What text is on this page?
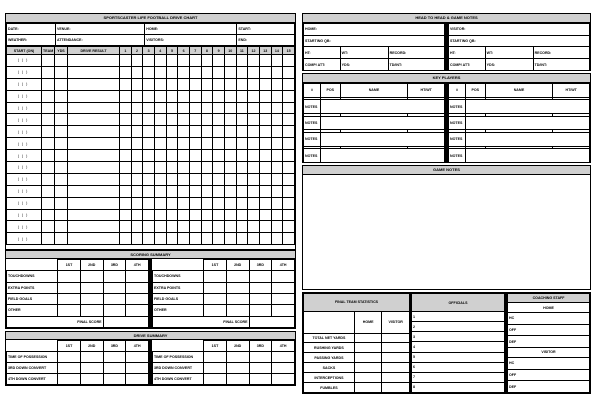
SPORTSCASTER LIFE FOOTBALL DRIVE CHART
DATE:	VENUE:	HOME:	START:
WEATHER:	ATTENDANCE:	VISITORS:	END:
START (ON)	TEAM	YDS	DRIVE RESULT	1	2	3	4	5	6	7	8	9	10	11	12	13	14	15
(()																		
(()																		
(()																		
(()																		
(()																		
(()																		
(()																		
(()																		
(()																		
(()																		
(()																		
(()																		
(()																		
(()																		
(()																		
(()																		
SCORING SUMMARY
	1ST	2ND	3RD	4TH
TOUCHDOWNS				
EXTRA POINTS				
FIELD GOALS				
OTHER				
FINAL SCORE				
	1ST	2ND	3RD	4TH
TOUCHDOWNS				
EXTRA POINTS				
FIELD GOALS				
OTHER				
FINAL SCORE				
DRIVE SUMMARY
	1ST	2ND	3RD	4TH
TIME OF POSSESSION				
3RD DOWN CONVERT				
4TH DOWN CONVERT				
	1ST	2ND	3RD	4TH
TIME OF POSSESSION				
3RD DOWN CONVERT				
4TH DOWN CONVERT				
HEAD TO HEAD & GAME NOTES
HOME:		
STARTING QB:		
HT:	WT:	RECORD:
COMP/ ATT:	YDS:	TD/INT:
VISITOR:		
STARTING QB:		
HT:	WT:	RECORD:
COMP/ ATT:	YDS:	TD/INT:
KEY PLAYERS
#	POS	NAME	HT/WT

NOTES			

NOTES			

NOTES			

NOTES			
#	POS	NAME	HT/WT

NOTES			

NOTES			

NOTES			

NOTES			
GAME NOTES
FINAL TEAM STATISTICS		
	HOME	VISITOR
TOTAL NET YARDS		
RUSHING YARDS		
PASSING YARDS		
SACKS		
INTERCEPTIONS		
FUMBLES		
OFFICIALS
1
2
3
4
5
6
7
8
COACHING STAFF
HOME
HC
OFF
DEF
VISITOR
HC
OFF
DEF
